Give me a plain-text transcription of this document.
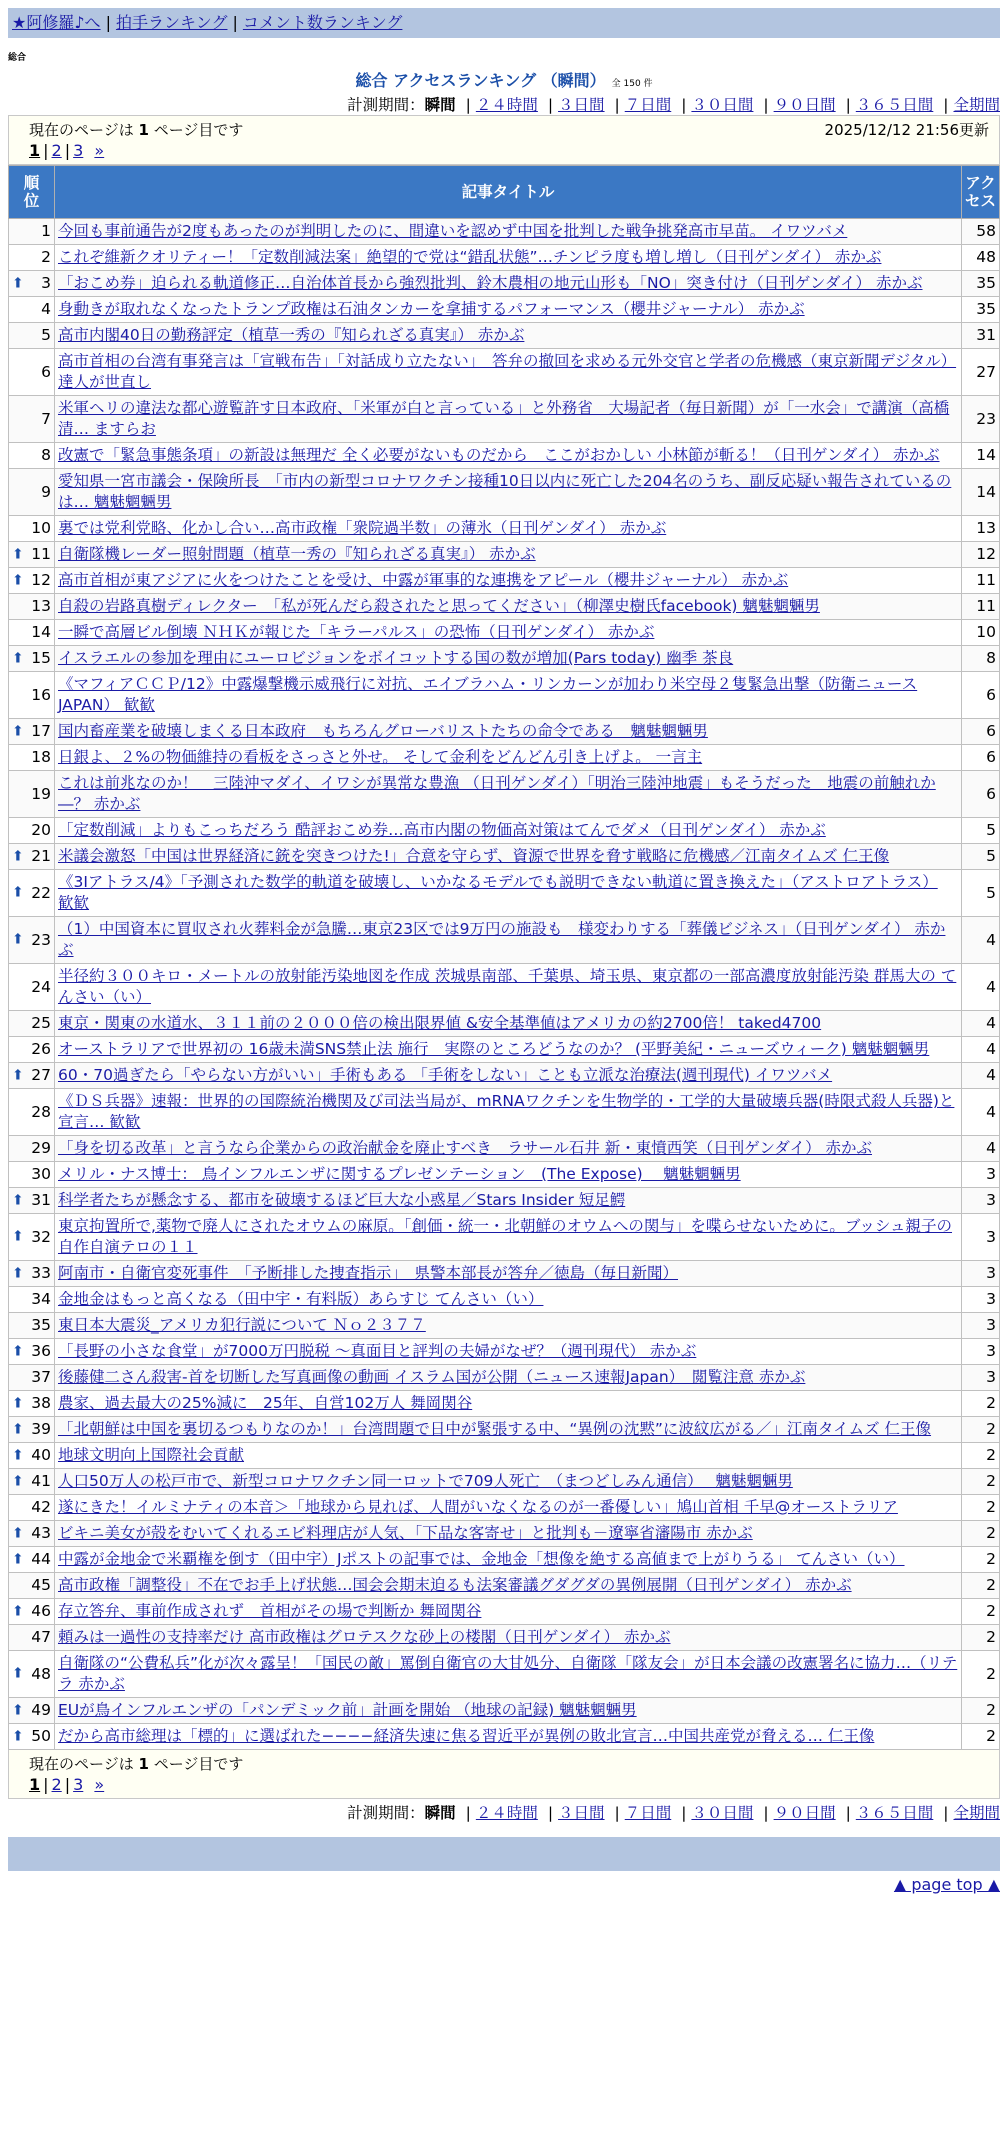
★阿修羅♪へ | 拍手ランキング | コメント数ランキング
総合
総合 アクセスランキング （瞬間） 全 150 件
計測期間：瞬間 | ２４時間 | ３日間 | ７日間 | ３０日間 | ９０日間 | ３６５日間 | 全期間
現在のページは 1 ページ目です	2025/12/12 21:56更新
1 | 2 | 3 »
順位	記事タイトル	アクセス
1	今回も事前通告が2度もあったのが判明したのに、間違いを認めず中国を批判した戦争挑発高市早苗。 イワツバメ	58
2	これぞ維新クオリティー！「定数削減法案」絶望的で党は“錯乱状態”…チンピラ度も増し増し（日刊ゲンダイ） 赤かぶ	48

⬆ 3	「おこめ券」迫られる軌道修正…自治体首長から強烈批判、鈴木農相の地元山形も「NO」突き付け（日刊ゲンダイ） 赤かぶ	35
4	身動きが取れなくなったトランプ政権は石油タンカーを拿捕するパフォーマンス（櫻井ジャーナル） 赤かぶ	35
5	高市内閣40日の勤務評定（植草一秀の『知られざる真実』） 赤かぶ	31
6	高市首相の台湾有事発言は「宣戦布告」「対話成り立たない」　答弁の撤回を求める元外交官と学者の危機感（東京新聞デジタル） 達人が世直し	27
7	米軍ヘリの違法な都心遊覧許す日本政府、「米軍が白と言っている」と外務省　大場記者（毎日新聞）が「一水会」で講演（高橋清… ますらお	23
8	改憲で「緊急事態条項」の新設は無理だ 全く必要がないものだから　ここがおかしい 小林節が斬る！（日刊ゲンダイ） 赤かぶ	14
9	愛知県一宮市議会・保険所長　「市内の新型コロナワクチン接種10日以内に死亡した204名のうち、副反応疑い報告されているのは… 魑魅魍魎男	14
10	裏では党利党略、化かし合い…高市政権「衆院過半数」の薄氷（日刊ゲンダイ） 赤かぶ	13

⬆ 11	自衛隊機レーダー照射問題（植草一秀の『知られざる真実』） 赤かぶ	12

⬆ 12	高市首相が東アジアに火をつけたことを受け、中露が軍事的な連携をアピール（櫻井ジャーナル） 赤かぶ	11
13	自殺の岩路真樹ディレクター　「私が死んだら殺されたと思ってください」（柳澤史樹氏facebook) 魑魅魍魎男	11
14	一瞬で高層ビル倒壊 ＮＨＫが報じた「キラーパルス」の恐怖（日刊ゲンダイ） 赤かぶ	10

⬆ 15	イスラエルの参加を理由にユーロビジョンをボイコットする国の数が増加(Pars today) 幽季 茶良	8
16	《マフィアＣＣＰ/12》中露爆撃機示威飛行に対抗、エイブラハム・リンカーンが加わり米空母２隻緊急出撃（防衛ニュースJAPAN） 歓歓	6

⬆ 17	国内畜産業を破壊しまくる日本政府　もちろんグローバリストたちの命令である　魑魅魍魎男	6
18	日銀よ、２%の物価維持の看板をさっさと外せ。 そして金利をどんどん引き上げよ。 一言主	6
19	これは前兆なのか！　三陸沖マダイ、イワシが異常な豊漁 （日刊ゲンダイ）「明治三陸沖地震」もそうだった　地震の前触れか―？ 赤かぶ	6
20	「定数削減」よりもこっちだろう 酷評おこめ券…高市内閣の物価高対策はてんでダメ（日刊ゲンダイ） 赤かぶ	5

⬆ 21	米議会激怒「中国は世界経済に銃を突きつけた!」合意を守らず、資源で世界を脅す戦略に危機感／江南タイムズ 仁王像	5

⬆ 22	《3Iアトラス/4》「予測された数学的軌道を破壊し、いかなるモデルでも説明できない軌道に置き換えた」（アストロアトラス） 歓歓	5

⬆ 23	（1）中国資本に買収され火葬料金が急騰…東京23区では9万円の施設も　様変わりする「葬儀ビジネス」（日刊ゲンダイ） 赤かぶ	4
24	半径約３００キロ・メートルの放射能汚染地図を作成 茨城県南部、千葉県、埼玉県、東京都の一部高濃度放射能汚染 群馬大の てんさい（い）	4
25	東京・関東の水道水、３１１前の２０００倍の検出限界値 &安全基準値はアメリカの約2700倍！ taked4700	4
26	オーストラリアで世界初の 16歳未満SNS禁止法 施行　実際のところどうなのか？ (平野美紀・ニューズウィーク) 魑魅魍魎男	4

⬆ 27	60・70過ぎたら「やらない方がいい」手術もある 「手術をしない」ことも立派な治療法(週刊現代) イワツバメ	4
28	《ＤＳ兵器》速報：世界的の国際統治機関及び司法当局が、mRNAワクチンを生物学的・工学的大量破壊兵器(時限式殺人兵器)と宣言… 歓歓	4
29	「身を切る改革」と言うなら企業からの政治献金を廃止すべき　ラサール石井 新・東憤西笑（日刊ゲンダイ） 赤かぶ	4
30	メリル・ナス博士： 鳥インフルエンザに関するプレゼンテーション　(The Expose)　 魑魅魍魎男	3

⬆ 31	科学者たちが懸念する、都市を破壊するほど巨大な小惑星／Stars Insider 短足鰐	3

⬆ 32	東京拘置所で,薬物で廃人にされたオウムの麻原。「創価・統一・北朝鮮のオウムへの関与」を喋らせないために。ブッシュ親子の自作自演テロの１１	3

⬆ 33	阿南市・自衛官変死事件　「予断排した捜査指示」　県警本部長が答弁／徳島（毎日新聞）	3
34	金地金はもっと高くなる（田中宇・有料版）あらすじ てんさい（い）	3
35	東日本大震災_アメリカ犯行説について Ｎｏ２３７７	3

⬆ 36	「長野の小さな食堂」が7000万円脱税 ～真面目と評判の夫婦がなぜ？（週刊現代） 赤かぶ	3
37	後藤健二さん殺害-首を切断した写真画像の動画 イスラム国が公開（ニュース速報Japan）　閲覧注意 赤かぶ	3

⬆ 38	農家、過去最大の25%減に　25年、自営102万人 舞岡関谷	2

⬆ 39	「北朝鮮は中国を裏切るつもりなのか！」台湾問題で日中が緊張する中、“異例の沈黙”に波紋広がる／」江南タイムズ 仁王像	2

⬆ 40	地球文明向上国際社会貢献	2

⬆ 41	人口50万人の松戸市で、新型コロナワクチン同一ロットで709人死亡　（まつどしみん通信）　 魑魅魍魎男	2
42	遂にきた！イルミナティの本音＞「地球から見れば、人間がいなくなるのが一番優しい」鳩山首相 千早@オーストラリア	2

⬆ 43	ビキニ美女が殻をむいてくれるエビ料理店が人気、「下品な客寄せ」と批判も－遼寧省瀋陽市 赤かぶ	2

⬆ 44	中露が金地金で米覇権を倒す（田中宇）Jポストの記事では、金地金「想像を絶する高値まで上がりうる」 てんさい（い）	2
45	高市政権「調整役」不在でお手上げ状態…国会会期末迫るも法案審議グダグダの異例展開（日刊ゲンダイ） 赤かぶ	2

⬆ 46	存立答弁、事前作成されず　首相がその場で判断か 舞岡関谷	2
47	頼みは一過性の支持率だけ 高市政権はグロテスクな砂上の楼閣（日刊ゲンダイ） 赤かぶ	2

⬆ 48	自衛隊の“公費私兵”化が次々露呈！「国民の敵」罵倒自衛官の大甘処分、自衛隊「隊友会」が日本会議の改憲署名に協力…（リテラ 赤かぶ	2

⬆ 49	EUが鳥インフルエンザの「パンデミック前」計画を開始 （地球の記録) 魑魅魍魎男	2

⬆ 50	だから高市総理は「標的」に選ばれた−−−−経済失速に焦る習近平が異例の敗北宣言…中国共産党が脅える… 仁王像	2
現在のページは 1 ページ目です
1 | 2 | 3 »
計測期間：瞬間 | ２４時間 | ３日間 | ７日間 | ３０日間 | ９０日間 | ３６５日間 | 全期間
▲ page top ▲
